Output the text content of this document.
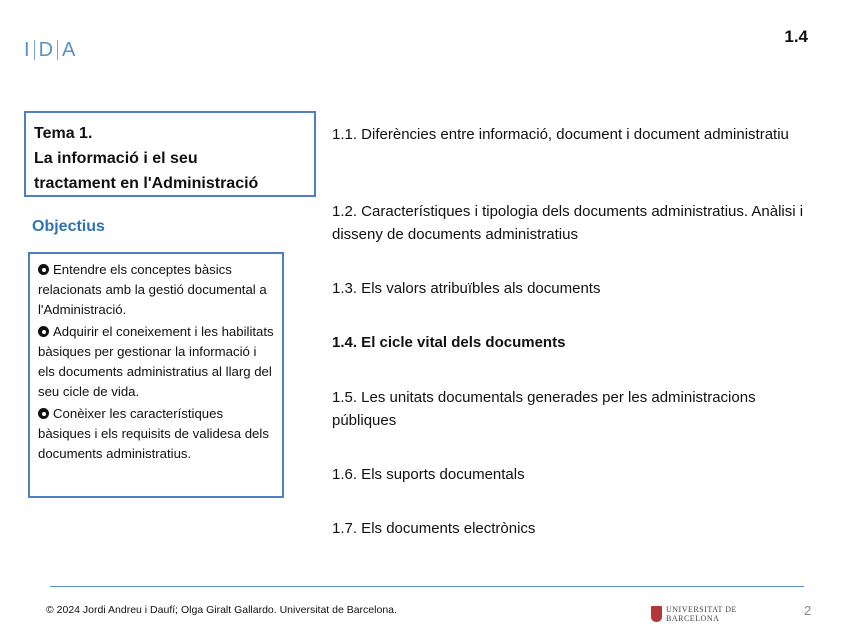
I D A
1.4
Tema 1.
La informació i el seu
tractament en l'Administració
Objectius
Entendre els conceptes bàsics relacionats amb la gestió documental a l'Administració.
Adquirir el coneixement i les habilitats bàsiques per gestionar la informació i els documents administratius al llarg del seu cicle de vida.
Conèixer les característiques bàsiques i els requisits de validesa dels documents administratius.
1.1. Diferències entre informació, document i document administratiu
1.2. Característiques i tipologia dels documents administratius. Anàlisi i disseny de documents administratius
1.3. Els valors atribuïbles als documents
1.4. El cicle vital dels documents
1.5. Les unitats documentals generades per les administracions públiques
1.6. Els suports documentals
1.7. Els documents electrònics
© 2024 Jordi Andreu i Daufí; Olga Giralt Gallardo. Universitat de Barcelona.	UNIVERSITAT DE
BARCELONA
2
